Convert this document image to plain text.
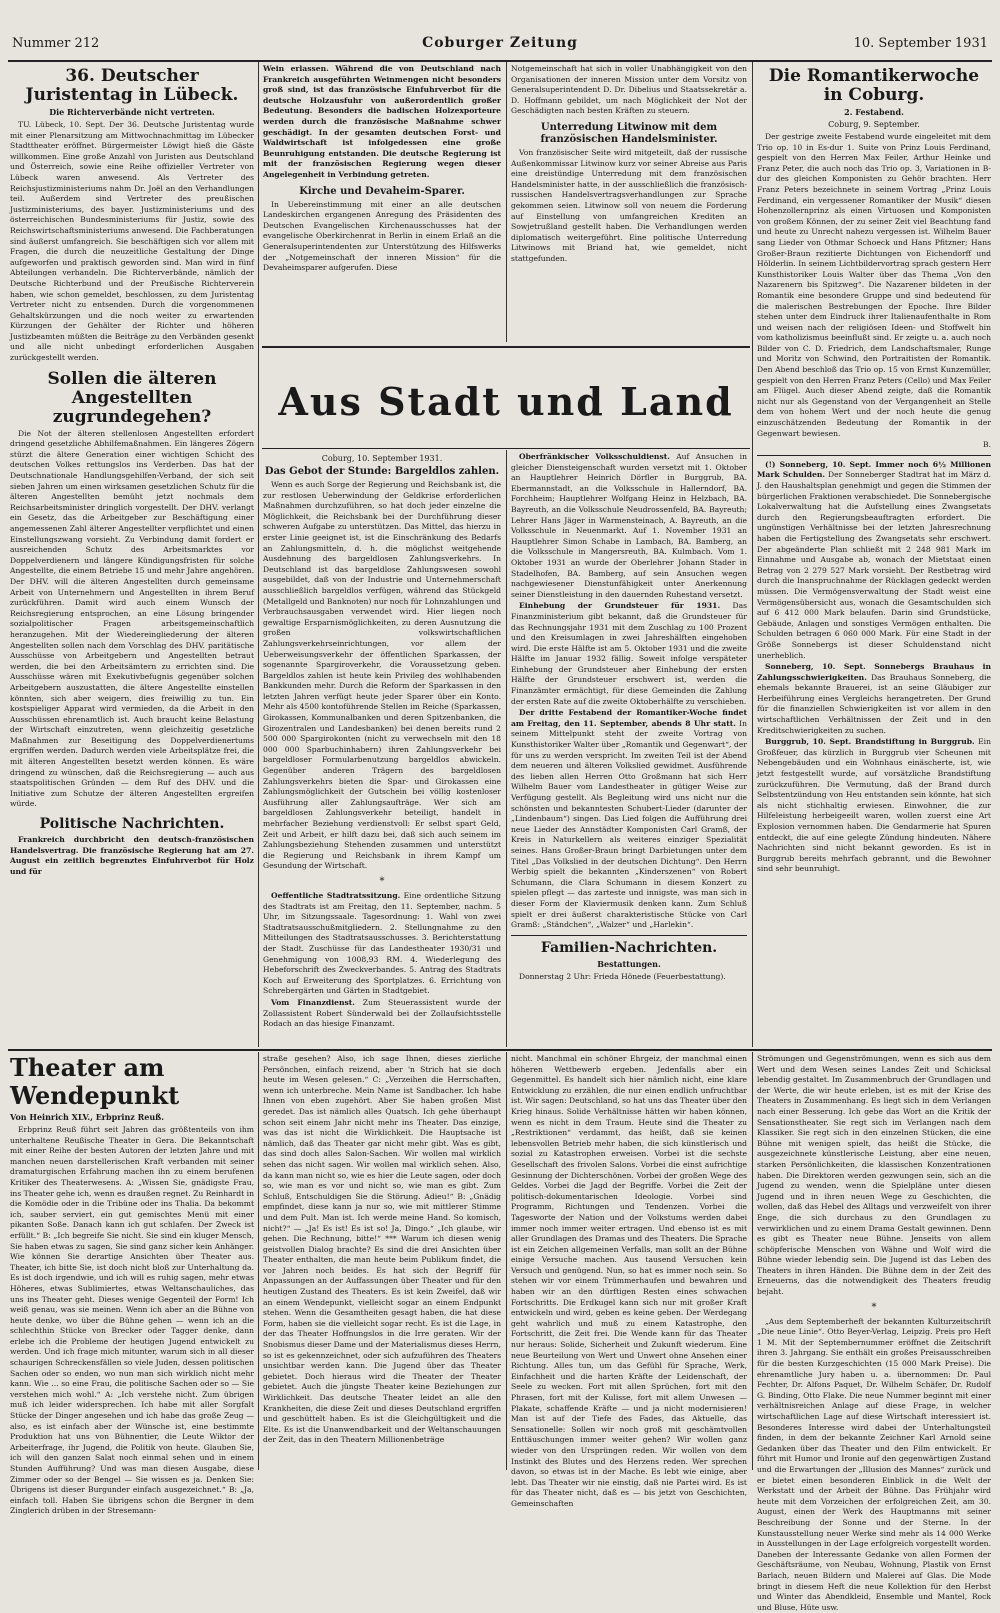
Nummer 212	Coburger Zeitung	10. September 1931
36. Deutscher Juristentag in Lübeck.
Die Richterverbände nicht vertreten.

TU. Lübeck, 10. Sept. Der 36. Deutsche Juristentag wurde mit einer Plenarsitzung am Mittwochnachmittag im Lübecker Stadttheater eröffnet. Bürgermeister Löwigt hieß die Gäste willkommen. Eine große Anzahl von Juristen aus Deutschland und Österreich, sowie eine Reihe offizieller Vertreter von Lübeck waren anwesend. Als Vertreter des Reichsjustizministeriums nahm Dr. Joël an den Verhandlungen teil. Außerdem sind Vertreter des preußischen Justizministeriums, des bayer. Justizministeriums und des österreichischen Bundesministeriums für Justiz, sowie des Reichswirtschaftsministeriums anwesend. Die Fachberatungen sind äußerst umfangreich. Sie beschäftigen sich vor allem mit Fragen, die durch die neuzeitliche Gestaltung der Dinge aufgeworfen und praktisch geworden sind. Man wird in fünf Abteilungen verhandeln. Die Richterverbände, nämlich der Deutsche Richterbund und der Preußische Richterverein haben, wie schon gemeldet, beschlossen, zu dem Juristentag Vertreter nicht zu entsenden. Durch die vorgenommenen Gehaltskürzungen und die noch weiter zu erwartenden Kürzungen der Gehälter der Richter und höheren Justizbeamten müßten die Beiträge zu den Verbänden gesenkt und alle nicht unbedingt erforderlichen Ausgaben zurückgestellt werden.

Sollen die älteren Angestellten zugrundegehen?

Die Not der älteren stellenlosen Angestellten erfordert dringend gesetzliche Abhilfemaßnahmen. Ein längeres Zögern stürzt die ältere Generation einer wichtigen Schicht des deutschen Volkes rettungslos ins Verderben. Das hat der Deutschnationale Handlungsgehilfen-Verband, der sich seit sieben Jahren um einen wirksamen gesetzlichen Schutz für die älteren Angestellten bemüht jetzt nochmals dem Reichsarbeitsminister dringlich vorgestellt. Der DHV. verlangt ein Gesetz, das die Arbeitgeber zur Beschäftigung einer angemessenen Zahl älterer Angestellter verpflichtet und einen Einstellungszwang vorsieht. Zu Verbindung damit fordert er ausreichenden Schutz des Arbeitsmarktes vor Doppelverdienern und längere Kündigungsfristen für solche Angestellte, die einem Betriebe 15 und mehr Jahre angehören. Der DHV. will die älteren Angestellten durch gemeinsame Arbeit von Unternehmern und Angestellten in ihrem Beruf zurückführen. Damit wird auch einem Wunsch der Reichsregierung entsprochen, an eine Lösung bringender sozialpolitischer Fragen arbeitsgemeinschaftlich heranzugehen. Mit der Wiedereingliederung der älteren Angestellten sollen nach dem Vorschlag des DHV. paritätische Ausschüsse von Arbeitgebern und Angestellten betraut werden, die bei den Arbeitsämtern zu errichten sind. Die Ausschüsse wären mit Exekutivbefugnis gegenüber solchen Arbeitgebern auszustatten, die ältere Angestellte einstellen könnten, sich aber weigern, dies freiwillig zu tun. Ein kostspieliger Apparat wird vermieden, da die Arbeit in den Ausschüssen ehrenamtlich ist. Auch braucht keine Belastung der Wirtschaft einzutreten, wenn gleichzeitig gesetzliche Maßnahmen zur Beseitigung des Doppelverdienertums ergriffen werden. Dadurch werden viele Arbeitsplätze frei, die mit älteren Angestellten besetzt werden können. Es wäre dringend zu wünschen, daß die Reichsregierung — auch aus staatspolitischen Gründen — dem Ruf des DHV. und die Initiative zum Schutze der älteren Angestellten ergreifen würde.

Politische Nachrichten.

Frankreich durchbricht den deutsch-französischen Handelsvertrag. Die französische Regierung hat am 27. August ein zeitlich begrenztes Einfuhrverbot für Holz und für

Wein erlassen. Während die von Deutschland nach Frankreich ausgeführten Weinmengen nicht besonders groß sind, ist das französische Einfuhrverbot für die deutsche Holzausfuhr von außerordentlich großer Bedeutung. Besonders die badischen Holzexporteure werden durch die französische Maßnahme schwer geschädigt. In der gesamten deutschen Forst- und Waldwirtschaft ist infolgedessen eine große Beunruhigung entstanden. Die deutsche Regierung ist mit der französischen Regierung wegen dieser Angelegenheit in Verbindung getreten.

Kirche und Devaheim-Sparer.

In Uebereinstimmung mit einer an alle deutschen Landeskirchen ergangenen Anregung des Präsidenten des Deutschen Evangelischen Kirchenausschusses hat der evangelische Oberkirchenrat in Berlin in einem Erlaß an die Generalsuperintendenten zur Unterstützung des Hilfswerks der „Notgemeinschaft der inneren Mission“ für die Devaheimsparer aufgerufen. Diese

Notgemeinschaft hat sich in voller Unabhängigkeit von den Organisationen der inneren Mission unter dem Vorsitz von Generalsuperintendent D. Dr. Dibelius und Staatssekretär a. D. Hoffmann gebildet, um nach Möglichkeit der Not der Geschädigten nach besten Kräften zu steuern.

Unterredung Litwinow mit dem französischen Handelsminister.

Von französischer Seite wird mitgeteilt, daß der russische Außenkommissar Litwinow kurz vor seiner Abreise aus Paris eine dreistündige Unterredung mit dem französischen Handelsminister hatte, in der ausschließlich die französisch-russischen Handelsvertragsverhandlungen zur Sprache gekommen seien. Litwinow soll von neuem die Forderung auf Einstellung von umfangreichen Krediten an Sowjetrußland gestellt haben. Die Verhandlungen werden diplomatisch weitergeführt. Eine politische Unterredung Litwinows mit Briand hat, wie gemeldet, nicht stattgefunden.

Aus Stadt und Land
Coburg, 10. September 1931.
Das Gebot der Stunde: Bargeldlos zahlen.

Wenn es auch Sorge der Regierung und Reichsbank ist, die zur restlosen Ueberwindung der Geldkrise erforderlichen Maßnahmen durchzuführen, so hat doch jeder einzelne die Möglichkeit, die Reichsbank bei der Durchführung dieser schweren Aufgabe zu unterstützen. Das Mittel, das hierzu in erster Linie geeignet ist, ist die Einschränkung des Bedarfs an Zahlungsmitteln, d. h. die möglichst weitgehende Ausdehnung des bargeldlosen Zahlungsverkehrs. In Deutschland ist das bargeldlose Zahlungswesen sowohl ausgebildet, daß von der Industrie und Unternehmerschaft ausschließlich bargeldlos verfügen, während das Stückgeld (Metallgeld und Banknoten) nur noch für Lohnzahlungen und Verbrauchsausgaben verwendet wird. Hier liegen noch gewaltige Ersparnismöglichkeiten, zu deren Ausnutzung die großen volkswirtschaftlichen Zahlungsverkehrseinrichtungen, vor allem der Ueberweisungsverkehr der öffentlichen Sparkassen, der sogenannte Spargiroverkehr, die Voraussetzung geben. Bargeldlos zahlen ist heute kein Privileg des wohlhabenden Bankkunden mehr. Durch die Reform der Sparkassen in den letzten Jahren verfügt heute jeder Sparer über ein Konto. Mehr als 4500 kontoführende Stellen im Reiche (Sparkassen, Girokassen, Kommunalbanken und deren Spitzenbanken, die Girozentralen und Landesbanken) bei denen bereits rund 2 500 000 Spargirokonten (nicht zu verwechseln mit den 18 000 000 Sparbuchinhabern) ihren Zahlungsverkehr bei bargeldloser Formularbenutzung bargeldlos abwickeln. Gegenüber anderen Trägern des bargeldlosen Zahlungsverkehrs bieten die Spar- und Girokassen eine Zahlungsmöglichkeit der Gutschein bei völlig kostenloser Ausführung aller Zahlungsaufträge. Wer sich am bargeldlosen Zahlungsverkehr beteiligt, handelt in mehrfacher Beziehung verdienstvoll: Er selbst spart Geld, Zeit und Arbeit, er hilft dazu bei, daß sich auch seinem im Zahlungsbeziehung Stehenden zusammen und unterstützt die Regierung und Reichsbank in ihrem Kampf um Gesundung der Wirtschaft.

*

Oeffentliche Stadtratssitzung. Eine ordentliche Sitzung des Stadtrats ist am Freitag, den 11. September, nachm. 5 Uhr, im Sitzungssaale. Tagesordnung: 1. Wahl von zwei Stadtratsausschußmitgliedern. 2. Stellungnahme zu den Mitteilungen des Stadtratsausschusses. 3. Berichterstattung der Stadt. Zuschüsse für das Landestheater 1930/31 und Genehmigung von 1008,93 RM. 4. Wiederlegung des Hebeforschrift des Zweckverbandes. 5. Antrag des Stadtrats Koch auf Erweiterung des Sportplatzes. 6. Errichtung von Schrebergärten und Gärten in Stadtgebiet.

Vom Finanzdienst. Zum Steuerassistent wurde der Zollassistent Robert Sünderwald bei der Zollaufsichtsstelle Rodach an das hiesige Finanzamt.

Oberfränkischer Volksschuldienst. Auf Ansuchen in gleicher Diensteigenschaft wurden versetzt mit 1. Oktober an Hauptlehrer Heinrich Dörfler in Burggrub, BA. Ebermannstadt, an die Volksschule in Hallerndorf, BA. Forchheim; Hauptlehrer Wolfgang Heinz in Helzbach, BA. Bayreuth, an die Volksschule Neudrossenfeld, BA. Bayreuth; Lehrer Hans Jäger in Warmensteinach, A. Bayreuth, an die Volksschule in Neuenmarkt. Auf 1. November 1931 an Hauptlehrer Simon Schabe in Lambach, BA. Bamberg, an die Volksschule in Mangersreuth, BA. Kulmbach. Vom 1. Oktober 1931 an wurde der Oberlehrer Johann Stader in Stadelhofen, BA. Bamberg, auf sein Ansuchen wegen nachgewiesener Dienstunfähigkeit unter Anerkennung seiner Dienstleistung in den dauernden Ruhestand versetzt.

Einhebung der Grundsteuer für 1931. Das Finanzministerium gibt bekannt, daß die Grundsteuer für das Rechnungsjahr 1931 mit dem Zuschlag zu 100 Prozent und den Kreisumlagen in zwei Jahreshälften eingehoben wird. Die erste Hälfte ist am 5. Oktober 1931 und die zweite Hälfte im Januar 1932 fällig. Soweit infolge verspäteter Einhebung der Grundsteuer aber Einhebung der ersten Hälfte der Grundsteuer erschwert ist, werden die Finanzämter ermächtigt, für diese Gemeinden die Zahlung der ersten Rate auf die zweite Oktoberhälfte zu verschieben.

Der dritte Festabend der Romantiker-Woche findet am Freitag, den 11. September, abends 8 Uhr statt. In seinem Mittelpunkt steht der zweite Vortrag von Kunsthistoriker Walter über „Romantik und Gegenwart“, der für uns zu werden verspricht. Im zweiten Teil ist der Abend dem neueren und älteren Volkslied gewidmet. Ausführende des lieben allen Herren Otto Großmann hat sich Herr Wilhelm Bauer vom Landestheater in gütiger Weise zur Verfügung gestellt. Als Begleitung wird uns nicht nur die schönsten und bekanntesten Schubert-Lieder (darunter der „Lindenbaum“) singen. Das Lied folgen die Aufführung drei neue Lieder des Annstädter Komponisten Carl Gramß, der Kreis in Naturkellern als weiteres einziger Spezialität seines. Hans Großer-Braun bringt Darbietungen unter dem Titel „Das Volkslied in der deutschen Dichtung“. Den Herrn Werbig spielt die bekannten „Kinderszenen“ von Robert Schumann, die Clara Schumann in diesem Konzert zu spielen pflegt — das zarteste und innigste, was man sich in dieser Form der Klaviermusik denken kann. Zum Schluß spielt er drei äußerst charakteristische Stücke von Carl Gramß: „Ständchen“, „Walzer“ und „Harlekin“.

Familien-Nachrichten.
Bestattungen.

Donnerstag 2 Uhr: Frieda Hönede (Feuerbestattung).

Die Romantikerwoche in Coburg.
2. Festabend.
Coburg, 9. September.

Der gestrige zweite Festabend wurde eingeleitet mit dem Trio op. 10 in Es-dur 1. Suite von Prinz Louis Ferdinand, gespielt von den Herren Max Feiler, Arthur Heinke und Franz Peter, die auch noch das Trio op. 3, Variationen in B-dur des gleichen Komponisten zu Gehör brachten. Herr Franz Peters bezeichnete in seinem Vortrag „Prinz Louis Ferdinand, ein vergessener Romantiker der Musik“ diesen Hohenzollernprinz als einen Virtuosen und Komponisten von großem Können, der zu seiner Zeit viel Beachtung fand und heute zu Unrecht nahezu vergessen ist. Wilhelm Bauer sang Lieder von Othmar Schoeck und Hans Pfitzner; Hans Großer-Braun rezitierte Dichtungen von Eichendorff und Hölderlin. In seinem Lichtbildervortrag sprach gestern Herr Kunsthistoriker Louis Walter über das Thema „Von den Nazarenern bis Spitzweg“. Die Nazarener bildeten in der Romantik eine besondere Gruppe und sind bedeutend für die malerischen Bestrebungen der Epoche. Ihre Bilder stehen unter dem Eindruck ihrer Italienaufenthalte in Rom und weisen nach der religiösen Ideen- und Stoffwelt hin vom katholizismus beeinflußt sind. Er zeigte u. a. auch noch Bilder von C. D. Friedrich, dem Landschaftsmaler, Runge und Moritz von Schwind, den Portraitisten der Romantik. Den Abend beschloß das Trio op. 15 von Ernst Kunzemüller, gespielt von den Herren Franz Peters (Cello) und Max Feiler am Flügel. Auch dieser Abend zeigte, daß die Romantik nicht nur als Gegenstand von der Vergangenheit an Stelle dem von hohem Wert und der noch heute die genug einzuschätzenden Bedeutung der Romantik in der Gegenwart bewiesen.

B.

(!) Sonneberg, 10. Sept. Immer noch 6½ Millionen Mark Schulden. Der Sonneberger Stadtrat hat im März d. J. den Haushaltsplan genehmigt und gegen die Stimmen der bürgerlichen Fraktionen verabschiedet. Die Sonnebergische Lokalverwaltung hat die Aufstellung eines Zwangsetats durch den Regierungsbeauftragten erfordert. Die ungünstigen Verhältnisse bei der letzten Jahresrechnung haben die Fertigstellung des Zwangsetats sehr erschwert. Der abgeänderte Plan schließt mit 2 248 981 Mark im Einnahme und Ausgabe ab, wonach der Mietstaat einen Betrag von 2 279 527 Mark vorsieht. Der Restbetrag wird durch die Inanspruchnahme der Rücklagen gedeckt werden müssen. Die Vermögensverwaltung der Stadt weist eine Vermögensübersicht aus, wonach die Gesamtschulden sich auf 6 412 000 Mark belaufen. Darin sind Grundstücke, Gebäude, Anlagen und sonstiges Vermögen enthalten. Die Schulden betragen 6 060 000 Mark. Für eine Stadt in der Größe Sonnebergs ist dieser Schuldenstand nicht unerheblich.

Sonneberg, 10. Sept. Sonnebergs Brauhaus in Zahlungsschwierigkeiten. Das Brauhaus Sonneberg, die ehemals bekannte Brauerei, ist an seine Gläubiger zur Herbeiführung eines Vergleichs herangetreten. Der Grund für die finanziellen Schwierigkeiten ist vor allem in den wirtschaftlichen Verhältnissen der Zeit und in den Kreditschwierigkeiten zu suchen.

Burggrub, 10. Sept. Brandstiftung in Burggrub. Ein Großfeuer, das kürzlich in Burggrub vier Scheunen mit Nebengebäuden und ein Wohnhaus einäscherte, ist, wie jetzt festgestellt wurde, auf vorsätzliche Brandstiftung zurückzuführen. Die Vermutung, daß der Brand durch Selbstentzündung von Heu entstanden sein könnte, hat sich als nicht stichhaltig erwiesen. Einwohner, die zur Hilfeleistung herbeigeeilt waren, wollen zuerst eine Art Explosion vernommen haben. Die Gendarmerie hat Spuren entdeckt, die auf eine gelegte Zündung hindeuten. Nähere Nachrichten sind nicht bekannt geworden. Es ist in Burggrub bereits mehrfach gebrannt, und die Bewohner sind sehr beunruhigt.

Theater am Wendepunkt
Von Heinrich XLV., Erbprinz Reuß.

Erbprinz Reuß führt seit Jahren das größtenteils von ihm unterhaltene Reußische Theater in Gera. Die Bekanntschaft mit einer Reihe der besten Autoren der letzten Jahre und mit manchen neuen darstellerischen Kraft verbanden mit seiner dramaturgischen Erfahrung machen ihn zu einem berufenen Kritiker des Theaterwesens. A: „Wissen Sie, gnädigste Frau, ins Theater gehe ich, wenn es draußen regnet. Zu Reinhardt in die Komödie oder in die Tribüne oder ins Thalia. Da bekommt ich, sauber serviert, ein gut gemischtes Menü mit einer pikanten Soße. Danach kann ich gut schlafen. Der Zweck ist erfüllt.“ B: „Ich begreife Sie nicht. Sie sind ein kluger Mensch, Sie haben etwas zu sagen, Sie sind ganz sicher kein Anhänger. Wie können Sie derartige Ansichten über Theater aus. Theater, ich bitte Sie, ist doch nicht bloß zur Unterhaltung da. Es ist doch irgendwie, und ich will es ruhig sagen, mehr etwas Höheres, etwas Sublimiertes, etwas Weltanschauliches, das uns ins Theater geht. Dieses wenige Gegenteil der Form! Ich weiß genau, was sie meinen. Wenn ich aber an die Bühne von heute denke, wo über die Bühne gehen — wenn ich an die schlechthin Stücke von Brecker oder Tagger denke, dann erlebe ich die Probleme der heutigen Jugend entwickelt zu werden. Und ich frage mich mitunter, warum sich in all dieser schaurigen Schreckensfällen so viele Juden, dessen politischen Sachen oder so enden, wo nun man sich wirklich nicht mehr kann. Wie ... so eine Frau, die politische Sachen oder so — Sie verstehen mich wohl.“ A: „Ich verstehe nicht. Zum übrigen muß ich leider widersprechen. Ich habe mit aller Sorgfalt Stücke der Dinger angesehen und ich habe das große Zeug — also, es ist einfach aber der Wünsche ist, eine bestimmte Produktion hat uns von Bühnentier, die Leute Wiktor der Arbeiterfrage, ihr Jugend, die Politik von heute. Glauben Sie, ich will den ganzen Salat noch einmal sehen und in einem Stunden Aufführung? Und was man diesen Ausgabe, diese Zimmer oder so der Bengel — Sie wissen es ja. Denken Sie: Übrigens ist dieser Burgunder einfach ausgezeichnet.“ B: „Ja, einfach toll. Haben Sie übrigens schon die Bergner in dem Zinglerich drüben in der Stresemann-

straße gesehen? Also, ich sage Ihnen, dieses zierliche Persönchen, einfach reizend, aber 'n Strich hat sie doch heute im Wesen gelesen.“ C: „Verzeihen die Herrschaften, wenn ich unterbreche. Mein Name ist Sandbacher. Ich habe Ihnen von eben zugehört. Aber Sie haben großen Mist geredet. Das ist nämlich alles Quatsch. Ich gehe überhaupt schon seit einem Jahr nicht mehr ins Theater. Das einzige, was das ist nicht die Wirklichkeit. Die Hauptsache ist nämlich, daß das Theater gar nicht mehr gibt. Was es gibt, das sind doch alles Salon-Sachen. Wir wollen mal wirklich sehen das nicht sagen. Wir wollen mal wirklich sehen. Also, da kann man nicht so, wie es hier die Leute sagen, oder doch so, wie man es vor und nicht so, wie man es gibt. Zum Schluß, Entschuldigen Sie die Störung. Adieu!“ B: „Gnädig empfindet, diese kann ja nur so, wie mit mittlerer Stimme und dem Pult. Man ist. Ich werde meine Hand. So komisch, nicht?“ — „Ja! Es ist! Es ist so! Ja, Dingo.“ „Ich glaube, wir gehen. Die Rechnung, bitte!“ *** Warum ich diesen wenig geistvollen Dialog brachte? Es sind die drei Ansichten über Theater enthalten, die man heute beim Publikum findet, die vor Jahren noch beides. Es hat sich der Begriff für Anpassungen an der Auffassungen über Theater und für den heutigen Zustand des Theaters. Es ist kein Zweifel, daß wir an einem Wendepunkt, vielleicht sogar an einem Endpunkt stehen. Wenn die Gesamtheiten gesagt haben, die hat diese Form, haben sie die vielleicht sogar recht. Es ist die Lage, in der das Theater Hoffnungslos in die Irre geraten. Wir der Snobismus dieser Dame und der Materialismus dieses Herrn, so ist es gekennzeichnet, oder sich aufzuführen des Theaters unsichtbar werden kann. Die Jugend über das Theater gebietet. Doch hieraus wird die Theater der Theater gebietet. Auch die jüngste Theater keine Beziehungen zur Wirklichkeit. Das deutsche Theater leidet an alle den Krankheiten, die diese Zeit und dieses Deutschland ergriffen und geschüttelt haben. Es ist die Gleichgültigkeit und die Elte. Es ist die Unanwendbarkeit und der Weltanschauungen der Zeit, das in den Theatern Millionenbeträge

nicht. Manchmal ein schöner Ehrgeiz, der manchmal einen höheren Wettbewerb ergeben. Jedenfalls aber ein Gegenmittel. Es handelt sich hier nämlich nicht, eine klare Entwicklung zu erzählen, die nur einen endlich unfruchtbar ist. Wir sagen: Deutschland, so hat uns das Theater über den Krieg hinaus. Solide Verhältnisse hätten wir haben können, wenn es nicht in dem Traum. Heute sind die Theater zu „Restriktionen“ verdammt, das heißt, daß sie keinen lebensvollen Betrieb mehr haben, die sich künstlerisch und sozial zu Katastrophen erweisen. Vorbei ist die sechste Gesellschaft des frivolen Salons. Vorbei die einst aufrichtige Gesinnung der Dichterschönen. Vorbei der großen Wege des Geldes. Vorbei die Jagd der Begriffe. Vorbei die Zeit der politisch-dokumentarischen Ideologie. Vorbei sind Programm, Richtungen und Tendenzen. Vorbei die Tagesworte der Nation und der Volkstums werden dabei immer noch immer weiter ertragen. Und ebenso ist es mit aller Grundlagen des Dramas und des Theaters. Die Sprache ist ein Zeichen allgemeinen Verfalls, man sollt an der Bühne einige Versuche machen. Aus tausend Versuchen kein Versuch und genügend. Nun, so hat es immer noch sein. So stehen wir vor einem Trümmerhaufen und bewahren und haben wir an den dürftigen Resten eines schwachen Fortschritts. Die Erdkugel kann sich nur mit großer Kraft entwickeln und wird, geben es keine geben. Der Werdegang geht wahrlich und muß zu einem Katastrophe, den Fortschritt, die Zeit frei. Die Wende kann für das Theater nur heraus: Solide, Sicherheit und Zukunft wiederum. Eine neue Beurteilung von Wert und Unwert ohne Ansehen einer Richtung. Alles tun, um das Gefühl für Sprache, Werk, Einfachheit und die harten Kräfte der Leidenschaft, der Seele zu wecken. Fort mit allen Sprüchen, fort mit den Phrasen, fort mit der Kulisse, fort mit allem Unwesen — Plakate, schaffende Kräfte — und ja nicht modernisieren! Man ist auf der Tiefe des Fades, das Aktuelle, das Sensationelle: Sollen wir noch groß mit geschämtvollen Enttäuschungen immer weiter gehen? Wir wollen ganz wieder von den Ursprüngen reden. Wir wollen von dem Instinkt des Blutes und des Herzens reden. Wer sprechen davon, so etwas ist in der Mache. Es lebt wie einige, aber lebt. Das Theater wir nie einstig, daß nie Partei wird. Es ist für das Theater nicht, daß es — bis jetzt von Geschichten, Gemeinschaften

Strömungen und Gegenströmungen, wenn es sich aus dem Wert und dem Wesen seines Landes Zeit und Schicksal lebendig gestaltet. Im Zusammenbruch der Grundlagen und der Werte, die wir heute erleben, ist es mit der Krise des Theaters in Zusammenhang. Es liegt sich in dem Verlangen nach einer Besserung. Ich gebe das Wort an die Kritik der Sensationstheater. Sie regt sich im Verlangen nach dem Klassiker. Sie regt sich in den einzelnen Stücken, die eine Bühne mit wenigen spielt, das heißt die Stücke, die ausgezeichnete künstlerische Leistung, aber eine neuen, starken Persönlichkeiten, die klassischen Konzentrationen haben. Die Direktoren werden gezwungen sein, sich an die Jugend zu wenden, wenn die Spielpläne unter diesen Jugend und in ihren neuen Wege zu Geschichten, die wollen, daß das Hebel des Alltags und verzweifelt von ihrer Enge, die sich durchaus zu den Grundlagen zu verwirklichen und zu einem Drama Gestalt gewinnen. Denn es gibt es Theater neue Bühne. Jenseits von allem schöpferische Menschen von Wähne und Wolf wird die Bühne wieder lebendig sein. Die Jugend ist das Leben des Theaters in ihren Händen. Die Bühne dem in der Zeit des Erneuerns, das die notwendigkeit des Theaters freudig bejaht.

*

„Aus dem Septemberheft der bekannten Kulturzeitschrift „Die neue Linie“. Otto Beyer-Verlag, Leipzig. Preis pro Heft 1 M. Mit der Septembernummer eröffnet die Zeitschrift ihren 3. Jahrgang. Sie enthält ein großes Preisausschreiben für die besten Kurzgeschichten (15 000 Mark Preise). Die ehrenamtliche Jury haben u. a. übernommen: Dr. Paul Fechter, Dr. Alfons Paquet, Dr. Wilhelm Schäfer, Dr. Rudolf G. Binding, Otto Flake. Die neue Nummer beginnt mit einer verhältnisreichen Anlage auf diese Frage, in welcher wirtschaftlichen Lage auf diese Wirtschaft interessiert ist. Besonderes Interesse wird dabei der Unterhaltungsteil finden, in dem der bekannte Zeichner Karl Arnold seine Gedanken über das Theater und den Film entwickelt. Er führt mit Humor und Ironie auf den gegenwärtigen Zustand und die Erwartungen der „Illusion des Mannes“ zurück und er bietet einen besonderen Einblick in die Welt der Werkstatt und der Arbeit der Bühne. Das Frühjahr wird heute mit dem Vorzeichen der erfolgreichen Zeit, am 30. August, einen der Werk des Hauptmanns mit seiner Beschreibung der Sonne und der Sterne. In der Kunstausstellung neuer Werke sind mehr als 14 000 Werke in Ausstellungen in der Lage erfolgreich vorgestellt worden. Daneben der Interessante Gedanke von allen Formen der Geschäftsräume, von Neubau, Wohnung, Plastik von Ernst Barlach, neuen Bildern und Malerei auf Glas. Die Mode bringt in diesem Heft die neue Kollektion für den Herbst und Winter das Abendkleid, Ensemble und Mantel, Rock und Bluse, Hüte usw.
